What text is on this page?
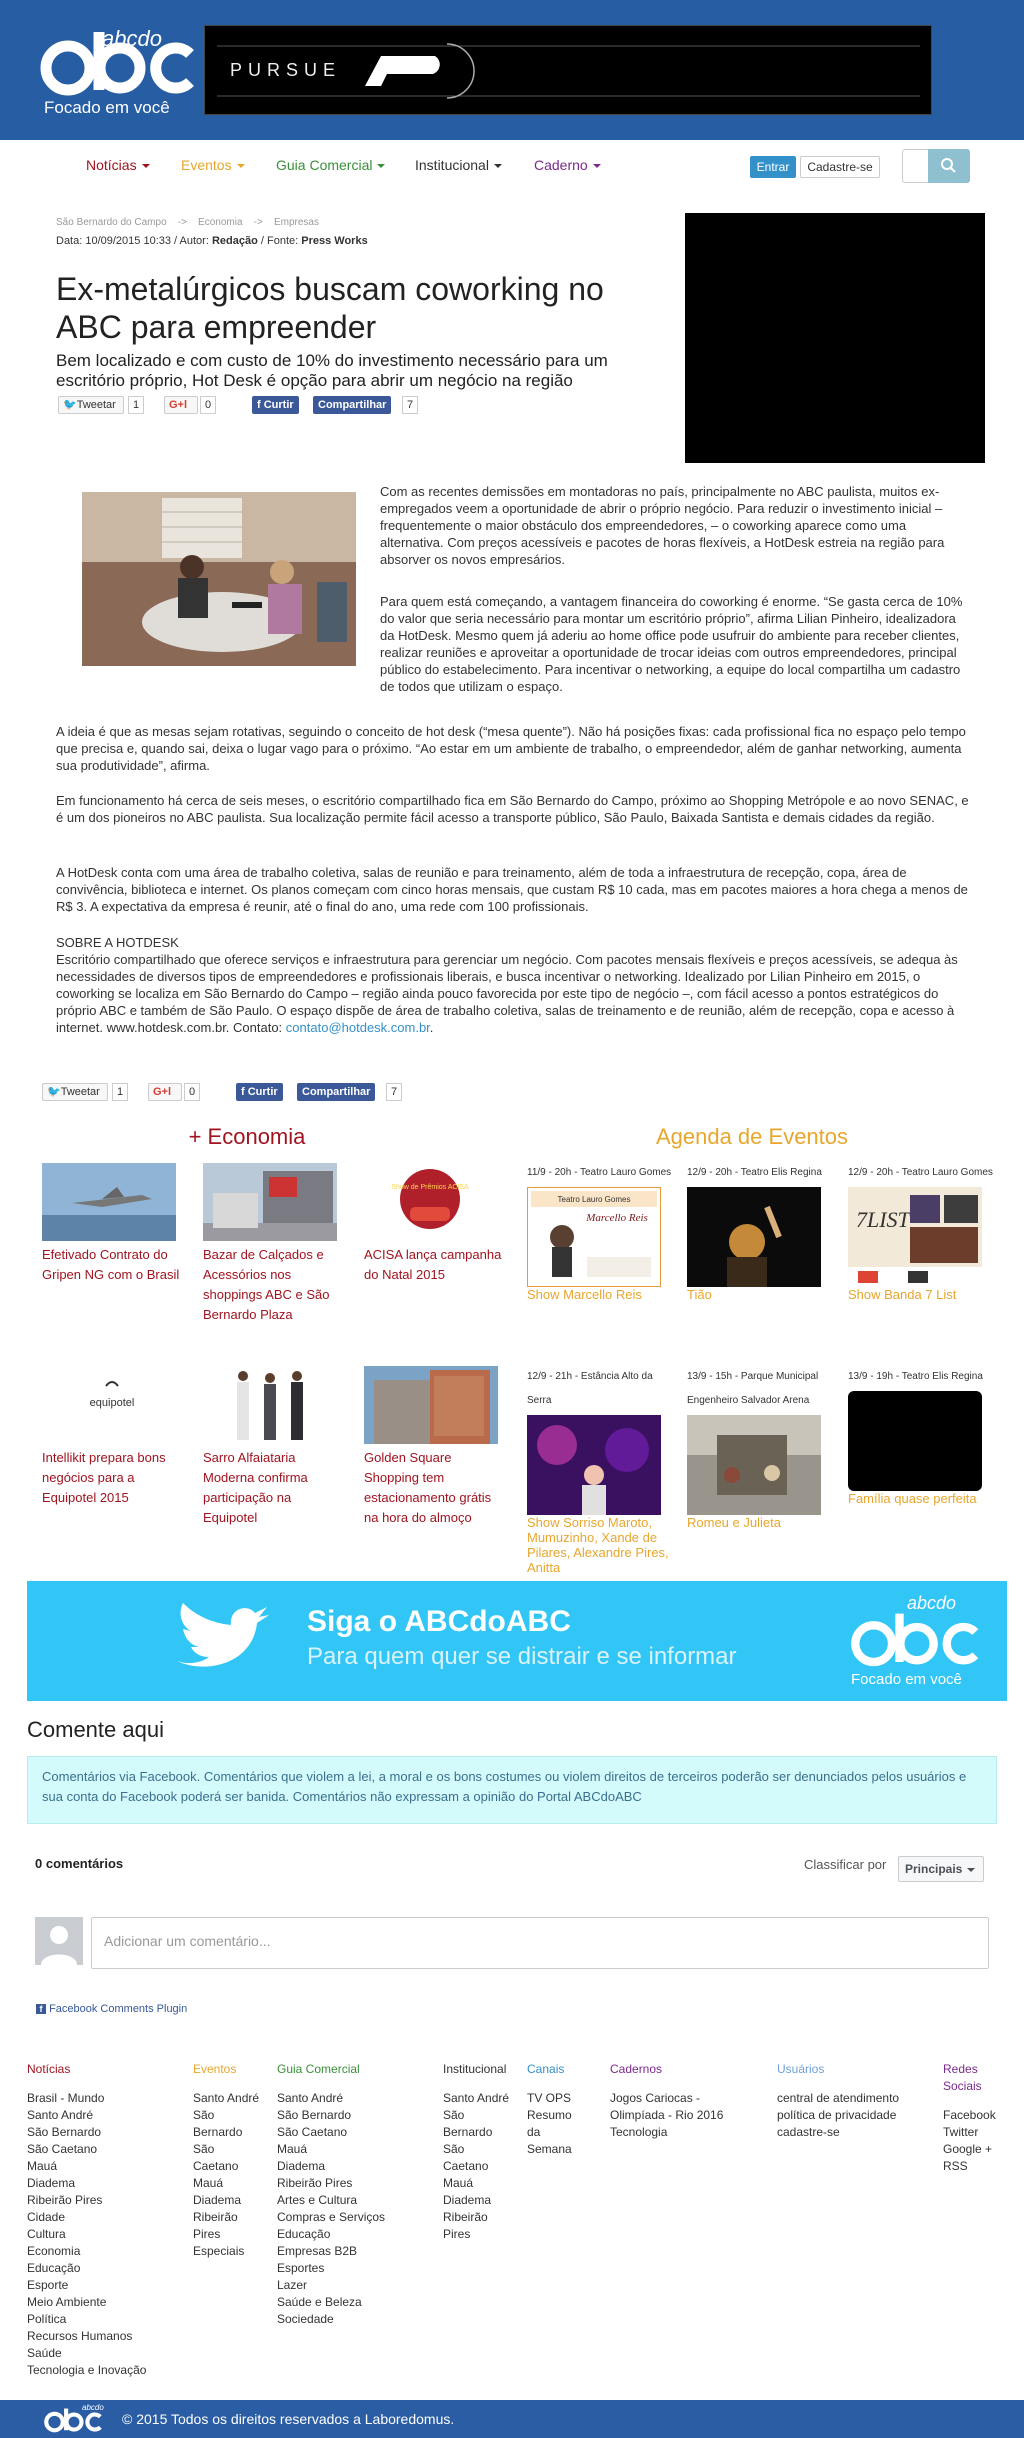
abcdo
Focado em você
PURSUE
Notícias	Eventos	Guia Comercial	Institucional	Caderno	Entrar	Cadastre-se
São Bernardo do Campo -> Economia -> Empresas
Data: 10/09/2015 10:33 / Autor: Redação / Fonte: Press Works
Ex-metalúrgicos buscam coworking no ABC para empreender
Bem localizado e com custo de 10% do investimento necessário para um escritório próprio, Hot Desk é opção para abrir um negócio na região
🐦Tweetar	1	G+l	0	f Curtir	Compartilhar	7
Com as recentes demissões em montadoras no país, principalmente no ABC paulista, muitos ex-empregados veem a oportunidade de abrir o próprio negócio. Para reduzir o investimento inicial – frequentemente o maior obstáculo dos empreendedores, – o coworking aparece como uma alternativa. Com preços acessíveis e pacotes de horas flexíveis, a HotDesk estreia na região para absorver os novos empresários.
Para quem está começando, a vantagem financeira do coworking é enorme. “Se gasta cerca de 10% do valor que seria necessário para montar um escritório próprio”, afirma Lilian Pinheiro, idealizadora da HotDesk. Mesmo quem já aderiu ao home office pode usufruir do ambiente para receber clientes, realizar reuniões e aproveitar a oportunidade de trocar ideias com outros empreendedores, principal público do estabelecimento. Para incentivar o networking, a equipe do local compartilha um cadastro de todos que utilizam o espaço.
A ideia é que as mesas sejam rotativas, seguindo o conceito de hot desk (“mesa quente”). Não há posições fixas: cada profissional fica no espaço pelo tempo que precisa e, quando sai, deixa o lugar vago para o próximo. “Ao estar em um ambiente de trabalho, o empreendedor, além de ganhar networking, aumenta sua produtividade”, afirma.
Em funcionamento há cerca de seis meses, o escritório compartilhado fica em São Bernardo do Campo, próximo ao Shopping Metrópole e ao novo SENAC, e é um dos pioneiros no ABC paulista. Sua localização permite fácil acesso a transporte público, São Paulo, Baixada Santista e demais cidades da região.
A HotDesk conta com uma área de trabalho coletiva, salas de reunião e para treinamento, além de toda a infraestrutura de recepção, copa, área de convivência, biblioteca e internet. Os planos começam com cinco horas mensais, que custam R$ 10 cada, mas em pacotes maiores a hora chega a menos de R$ 3. A expectativa da empresa é reunir, até o final do ano, uma rede com 100 profissionais.
SOBRE A HOTDESK
Escritório compartilhado que oferece serviços e infraestrutura para gerenciar um negócio. Com pacotes mensais flexíveis e preços acessíveis, se adequa às necessidades de diversos tipos de empreendedores e profissionais liberais, e busca incentivar o networking. Idealizado por Lilian Pinheiro em 2015, o coworking se localiza em São Bernardo do Campo – região ainda pouco favorecida por este tipo de negócio –, com fácil acesso a pontos estratégicos do próprio ABC e também de São Paulo. O espaço dispõe de área de trabalho coletiva, salas de treinamento e de reunião, além de recepção, copa e acesso à internet. www.hotdesk.com.br. Contato: contato@hotdesk.com.br.
🐦Tweetar	1	G+l	0	f Curtir	Compartilhar	7
+ Economia
Efetivado Contrato do Gripen NG com o Brasil
Bazar de Calçados e Acessórios nos shoppings ABC e São Bernardo Plaza
Show de Prêmios ACISA
ACISA lança campanha do Natal 2015
equipotel
Intellikit prepara bons negócios para a Equipotel 2015
Sarro Alfaiataria Moderna confirma participação na Equipotel
Golden Square Shopping tem estacionamento grátis na hora do almoço
Agenda de Eventos
11/9 - 20h - Teatro Lauro Gomes
Teatro Lauro Gomes
Marcello Reis
Show Marcello Reis
12/9 - 20h - Teatro Elis Regina
Tião
12/9 - 20h - Teatro Lauro Gomes
7LIST
Show Banda 7 List
12/9 - 21h - Estância Alto da Serra
Show Sorriso Maroto, Mumuzinho, Xande de Pilares, Alexandre Pires, Anitta
13/9 - 15h - Parque Municipal Engenheiro Salvador Arena
Romeu e Julieta
13/9 - 19h - Teatro Elis Regina
Família quase perfeita
Siga o ABCdoABC
Para quem quer se distrair e se informar
abcdo
Focado em você
Comente aqui
Comentários via Facebook. Comentários que violem a lei, a moral e os bons costumes ou violem direitos de terceiros poderão ser denunciados pelos usuários e sua conta do Facebook poderá ser banida. Comentários não expressam a opinião do Portal ABCdoABC
0 comentários	Classificar por	Principais
Adicionar um comentário...
f Facebook Comments Plugin
Notícias
Brasil - Mundo
Santo André
São Bernardo
São Caetano
Mauá
Diadema
Ribeirão Pires
Cidade
Cultura
Economia
Educação
Esporte
Meio Ambiente
Política
Recursos Humanos
Saúde
Tecnologia e Inovação
Eventos
Santo André
São Bernardo
São Caetano
Mauá
Diadema
Ribeirão Pires
Especiais
Guia Comercial
Santo André
São Bernardo
São Caetano
Mauá
Diadema
Ribeirão Pires
Artes e Cultura
Compras e Serviços
Educação
Empresas B2B
Esportes
Lazer
Saúde e Beleza
Sociedade
Institucional
Santo André
São Bernardo
São Caetano
Mauá
Diadema
Ribeirão Pires
Canais
TV OPS
Resumo da Semana
Cadernos
Jogos Cariocas - Olimpíada - Rio 2016
Tecnologia
Usuários
central de atendimento
política de privacidade
cadastre-se
Redes Sociais
Facebook
Twitter
Google +
RSS
abcdo
© 2015 Todos os direitos reservados a Laboredomus.
